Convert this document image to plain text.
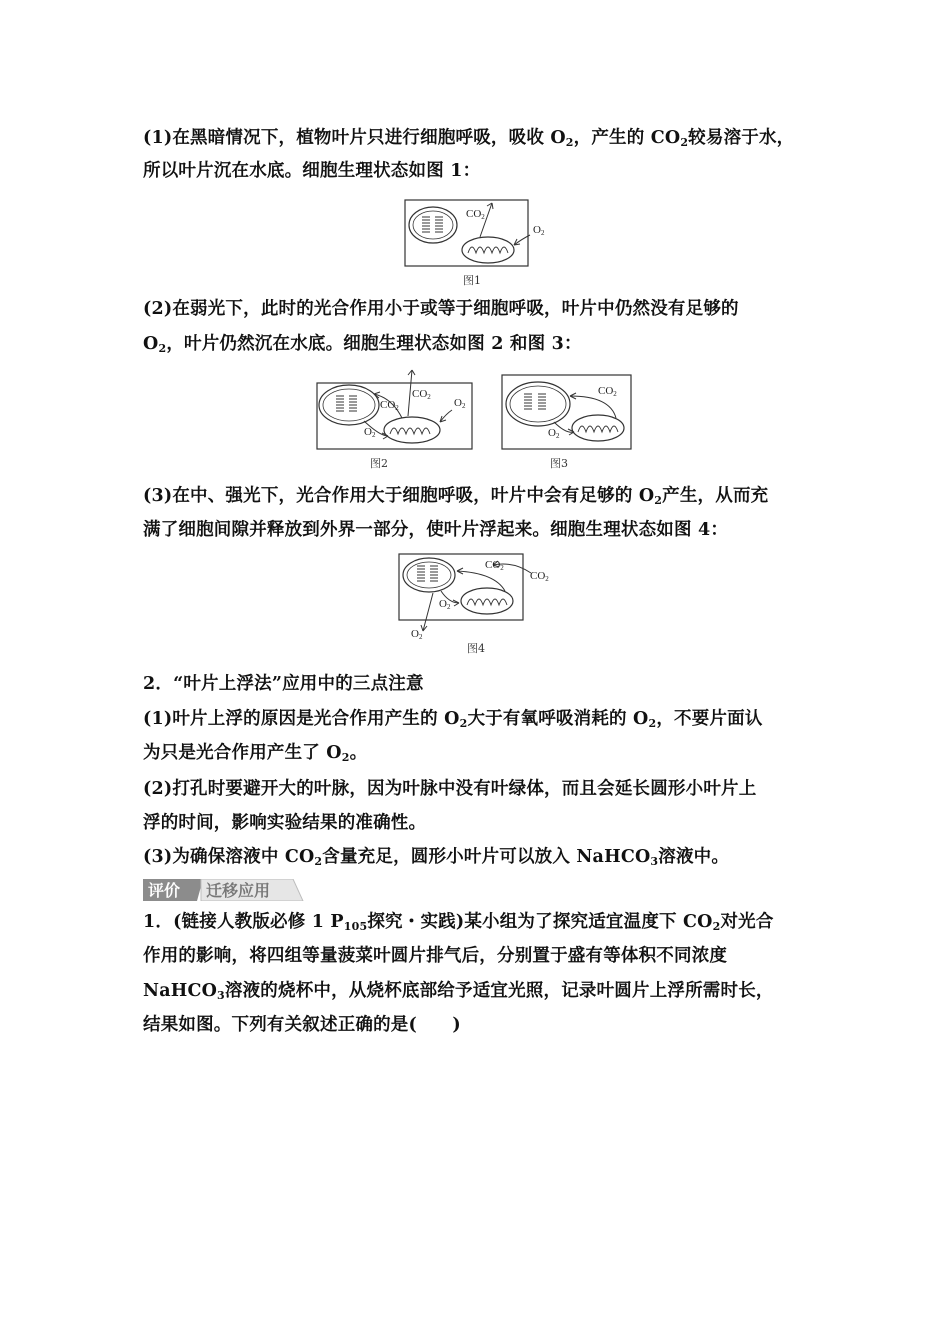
(1)在黑暗情况下，植物叶片只进行细胞呼吸，吸收 $O_2$，产生的 $CO_2$较易溶于水，

所以叶片沉在水底。细胞生理状态如图 1：

CO2
O2
图1

(2)在弱光下，此时的光合作用小于或等于细胞呼吸，叶片中仍然没有足够的

$O_2$，叶片仍然沉在水底。细胞生理状态如图 2 和图 3：

CO2
CO2	O2
O2
图2
CO2
O2
图3

(3)在中、强光下，光合作用大于细胞呼吸，叶片中会有足够的 $O_2$产生，从而充

满了细胞间隙并释放到外界一部分，使叶片浮起来。细胞生理状态如图 4：

CO2
CO2
O2
O2
图4

2．“叶片上浮法”应用中的三点注意

(1)叶片上浮的原因是光合作用产生的 $O_2$大于有氧呼吸消耗的 $O_2$，不要片面认

为只是光合作用产生了 $O_2$。

(2)打孔时要避开大的叶脉，因为叶脉中没有叶绿体，而且会延长圆形小叶片上

浮的时间，影响实验结果的准确性。

(3)为确保溶液中 $CO_2$含量充足，圆形小叶片可以放入 NaHCO$_3$溶液中。

评价 迁移应用

1．(链接人教版必修 1 $P_{105}$探究・实践)某小组为了探究适宜温度下 $CO_2$对光合

作用的影响，将四组等量菠菜叶圆片排气后，分别置于盛有等体积不同浓度

NaHCO$_3$溶液的烧杯中，从烧杯底部给予适宜光照，记录叶圆片上浮所需时长，

结果如图。下列有关叙述正确的是(　　)
